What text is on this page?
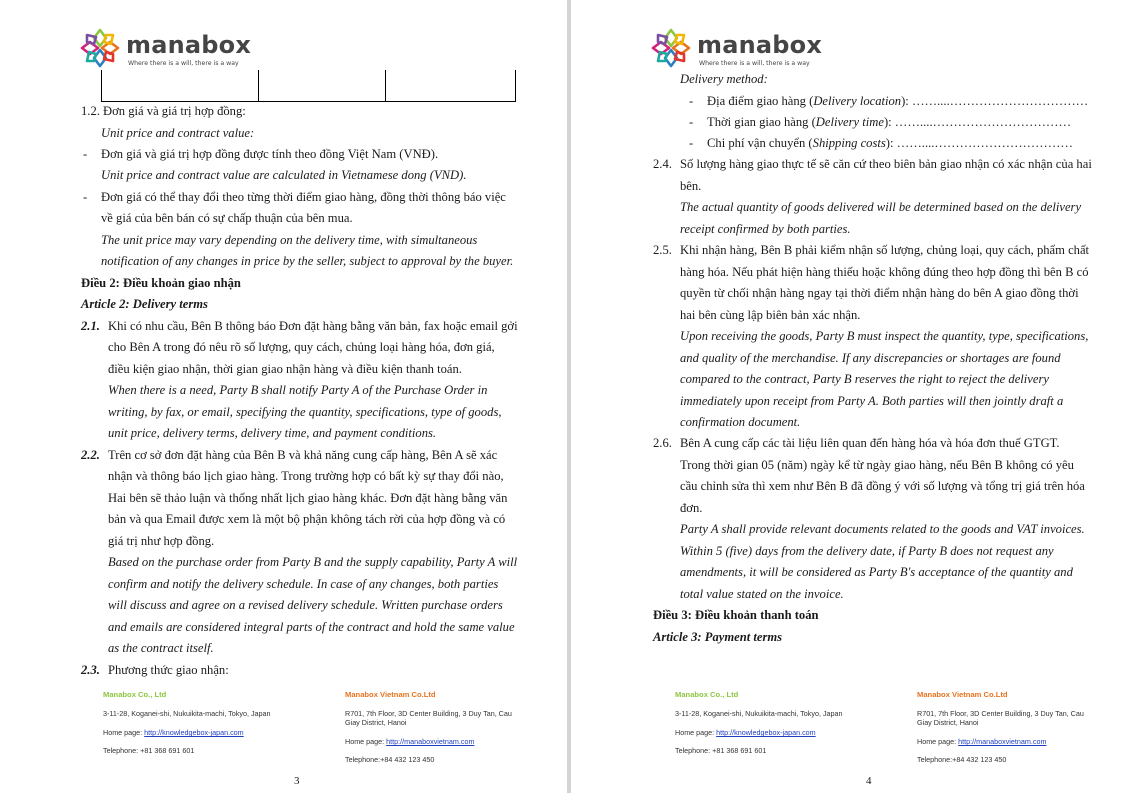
manabox
Where there is a will, there is a way
1.2. Đơn giá và giá trị hợp đồng:
Unit price and contract value:
- Đơn giá và giá trị hợp đồng được tính theo đồng Việt Nam (VNĐ).
Unit price and contract value are calculated in Vietnamese dong (VND).
- Đơn giá có thể thay đổi theo từng thời điểm giao hàng, đồng thời thông báo việc
về giá của bên bán có sự chấp thuận của bên mua.
The unit price may vary depending on the delivery time, with simultaneous
notification of any changes in price by the seller, subject to approval by the buyer.
Điều 2: Điều khoản giao nhận
Article 2: Delivery terms
2.1. Khi có nhu cầu, Bên B thông báo Đơn đặt hàng bằng văn bản, fax hoặc email gởi
cho Bên A trong đó nêu rõ số lượng, quy cách, chủng loại hàng hóa, đơn giá,
điều kiện giao nhận, thời gian giao nhận hàng và điều kiện thanh toán.
When there is a need, Party B shall notify Party A of the Purchase Order in
writing, by fax, or email, specifying the quantity, specifications, type of goods,
unit price, delivery terms, delivery time, and payment conditions.
2.2. Trên cơ sở đơn đặt hàng của Bên B và khả năng cung cấp hàng, Bên A sẽ xác
nhận và thông báo lịch giao hàng. Trong trường hợp có bất kỳ sự thay đổi nào,
Hai bên sẽ thảo luận và thống nhất lịch giao hàng khác. Đơn đặt hàng bằng văn
bản và qua Email được xem là một bộ phận không tách rời của hợp đồng và có
giá trị như hợp đồng.
Based on the purchase order from Party B and the supply capability, Party A will
confirm and notify the delivery schedule. In case of any changes, both parties
will discuss and agree on a revised delivery schedule. Written purchase orders
and emails are considered integral parts of the contract and hold the same value
as the contract itself.
2.3. Phương thức giao nhận:
Manabox Co., Ltd
3-11-28, Koganei-shi, Nukuikita-machi, Tokyo, Japan
Home page: http://knowledgebox-japan.com
Telephone: +81 368 691 601
Manabox Vietnam Co.Ltd
R701, 7th Floor, 3D Center Building, 3 Duy Tan, Cau
Giay District, Hanoi
Home page: http://manaboxvietnam.com
Telephone:+84 432 123 450
3
manabox
Where there is a will, there is a way
Delivery method:
- Địa điểm giao hàng (Delivery location): ……....……………………………
- Thời gian giao hàng (Delivery time): ……....……………………………
- Chi phí vận chuyển (Shipping costs): ……....……………………………
2.4. Số lượng hàng giao thực tế sẽ căn cứ theo biên bản giao nhận có xác nhận của hai
bên.
The actual quantity of goods delivered will be determined based on the delivery
receipt confirmed by both parties.
2.5. Khi nhận hàng, Bên B phải kiểm nhận số lượng, chủng loại, quy cách, phẩm chất
hàng hóa. Nếu phát hiện hàng thiếu hoặc không đúng theo hợp đồng thì bên B có
quyền từ chối nhận hàng ngay tại thời điểm nhận hàng do bên A giao đồng thời
hai bên cùng lập biên bản xác nhận.
Upon receiving the goods, Party B must inspect the quantity, type, specifications,
and quality of the merchandise. If any discrepancies or shortages are found
compared to the contract, Party B reserves the right to reject the delivery
immediately upon receipt from Party A. Both parties will then jointly draft a
confirmation document.
2.6. Bên A cung cấp các tài liệu liên quan đến hàng hóa và hóa đơn thuế GTGT.
Trong thời gian 05 (năm) ngày kể từ ngày giao hàng, nếu Bên B không có yêu
cầu chỉnh sửa thì xem như Bên B đã đồng ý với số lượng và tổng trị giá trên hóa
đơn.
Party A shall provide relevant documents related to the goods and VAT invoices.
Within 5 (five) days from the delivery date, if Party B does not request any
amendments, it will be considered as Party B's acceptance of the quantity and
total value stated on the invoice.
Điều 3: Điều khoản thanh toán
Article 3: Payment terms
Manabox Co., Ltd
3-11-28, Koganei-shi, Nukuikita-machi, Tokyo, Japan
Home page: http://knowledgebox-japan.com
Telephone: +81 368 691 601
Manabox Vietnam Co.Ltd
R701, 7th Floor, 3D Center Building, 3 Duy Tan, Cau
Giay District, Hanoi
Home page: http://manaboxvietnam.com
Telephone:+84 432 123 450
4
